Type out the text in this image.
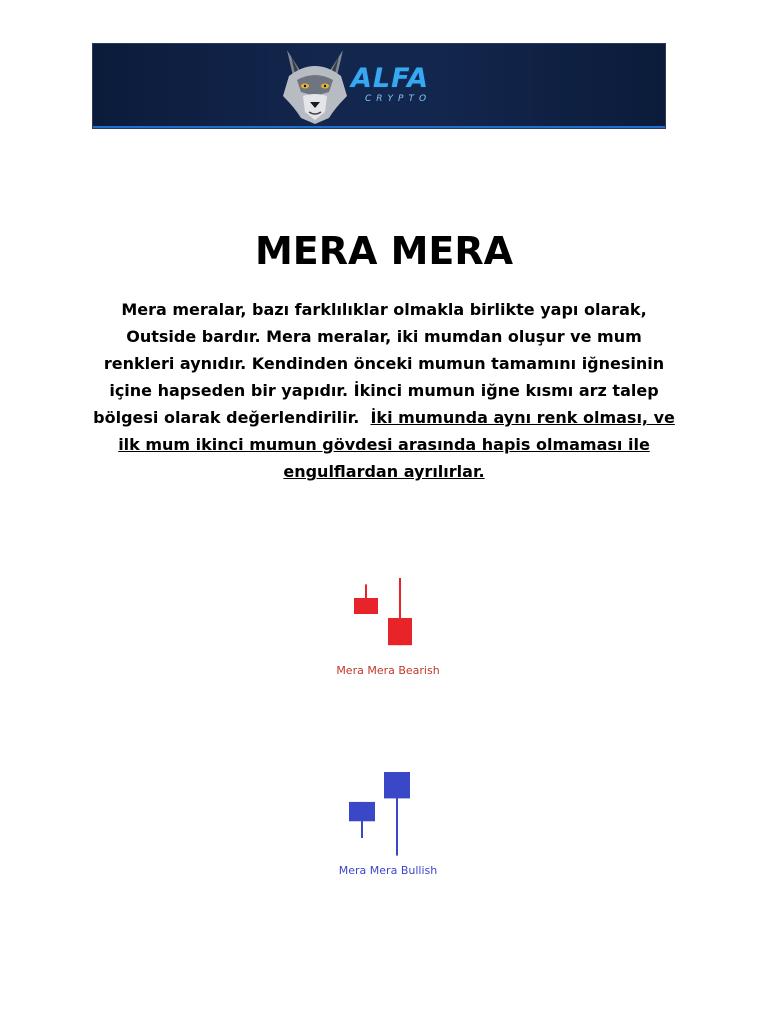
ALFA
CRYPTO
MERA MERA

Mera meralar, bazı farklılıklar olmakla birlikte yapı olarak, Outside bardır. Mera meralar, iki mumdan oluşur ve mum renkleri aynıdır. Kendinden önceki mumun tamamını iğnesinin içine hapseden bir yapıdır. İkinci mumun iğne kısmı arz talep bölgesi olarak değerlendirilir. İki mumunda aynı renk olması, ve ilk mum ikinci mumun gövdesi arasında hapis olmaması ile engulflardan ayrılırlar.

Mera Mera Bearish
Mera Mera Bullish
